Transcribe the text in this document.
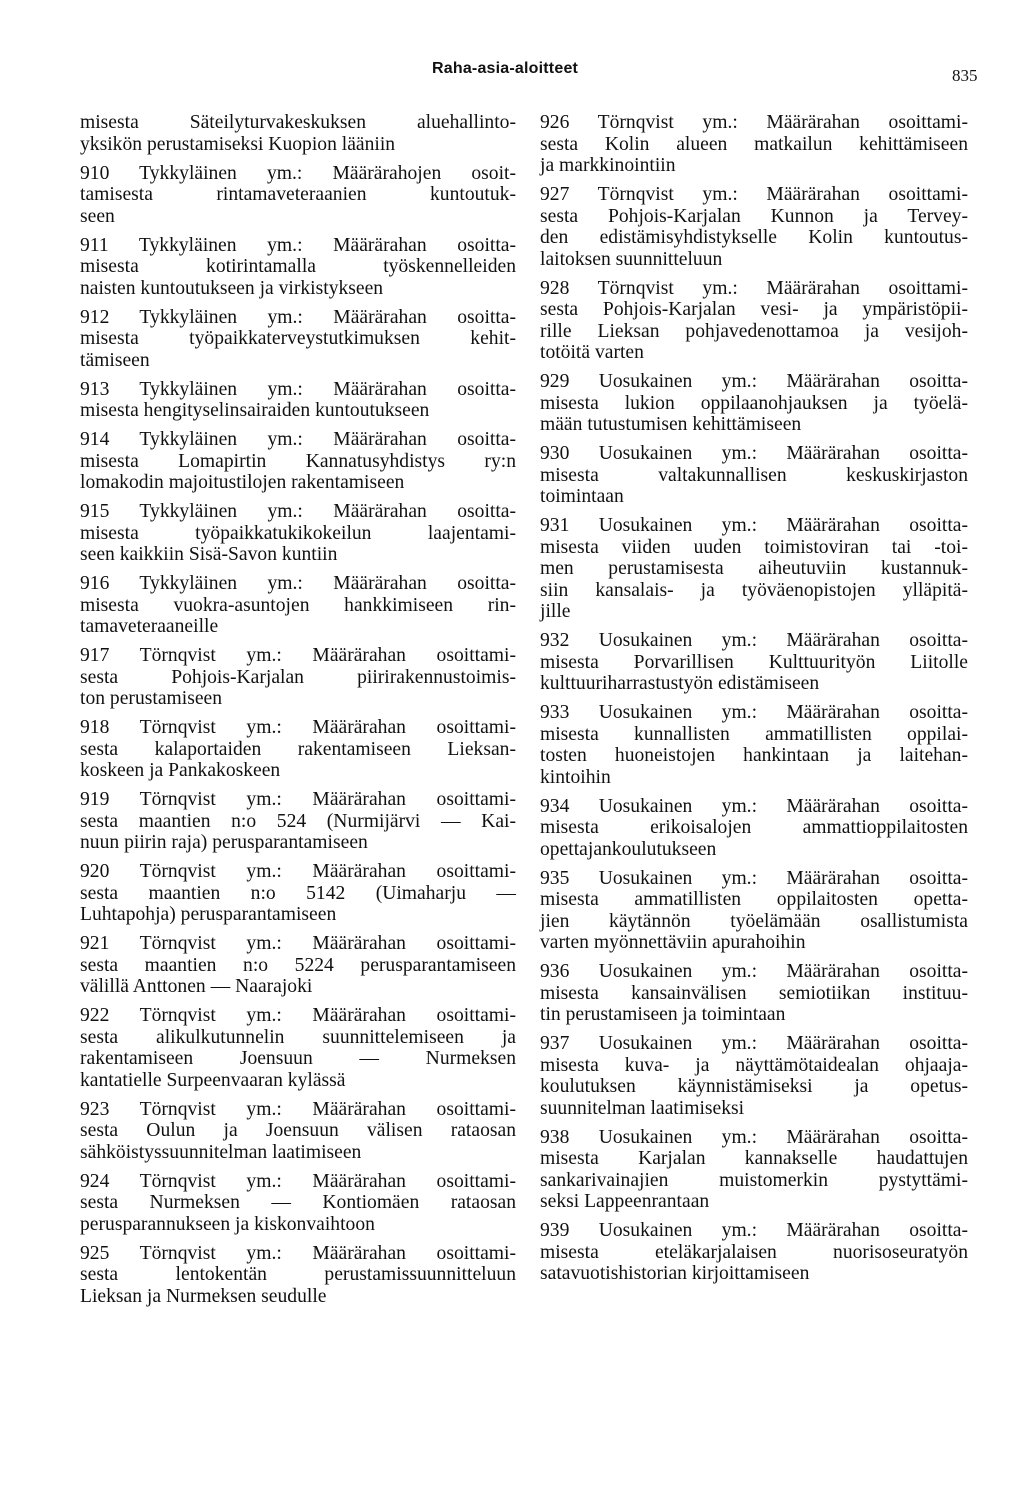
Raha-asia-aloitteet	835
misesta Säteilyturvakeskuksen aluehallinto-
yksikön perustamiseksi Kuopion lääniin
910 Tykkyläinen ym.: Määrärahojen osoit-
tamisesta rintamaveteraanien kuntoutuk-
seen
911 Tykkyläinen ym.: Määrärahan osoitta-
misesta kotirintamalla työskennelleiden
naisten kuntoutukseen ja virkistykseen
912 Tykkyläinen ym.: Määrärahan osoitta-
misesta työpaikkaterveystutkimuksen kehit-
tämiseen
913 Tykkyläinen ym.: Määrärahan osoitta-
misesta hengityselinsairaiden kuntoutukseen
914 Tykkyläinen ym.: Määrärahan osoitta-
misesta Lomapirtin Kannatusyhdistys ry:n
lomakodin majoitustilojen rakentamiseen
915 Tykkyläinen ym.: Määrärahan osoitta-
misesta työpaikkatukikokeilun laajentami-
seen kaikkiin Sisä-Savon kuntiin
916 Tykkyläinen ym.: Määrärahan osoitta-
misesta vuokra-asuntojen hankkimiseen rin-
tamaveteraaneille
917 Törnqvist ym.: Määrärahan osoittami-
sesta Pohjois-Karjalan piirirakennustoimis-
ton perustamiseen
918 Törnqvist ym.: Määrärahan osoittami-
sesta kalaportaiden rakentamiseen Lieksan-
koskeen ja Pankakoskeen
919 Törnqvist ym.: Määrärahan osoittami-
sesta maantien n:o 524 (Nurmijärvi — Kai-
nuun piirin raja) perusparantamiseen
920 Törnqvist ym.: Määrärahan osoittami-
sesta maantien n:o 5142 (Uimaharju —
Luhtapohja) perusparantamiseen
921 Törnqvist ym.: Määrärahan osoittami-
sesta maantien n:o 5224 perusparantamiseen
välillä Anttonen — Naarajoki
922 Törnqvist ym.: Määrärahan osoittami-
sesta alikulkutunnelin suunnittelemiseen ja
rakentamiseen Joensuun — Nurmeksen
kantatielle Surpeenvaaran kylässä
923 Törnqvist ym.: Määrärahan osoittami-
sesta Oulun ja Joensuun välisen rataosan
sähköistyssuunnitelman laatimiseen
924 Törnqvist ym.: Määrärahan osoittami-
sesta Nurmeksen — Kontiomäen rataosan
perusparannukseen ja kiskonvaihtoon
925 Törnqvist ym.: Määrärahan osoittami-
sesta lentokentän perustamissuunnitteluun
Lieksan ja Nurmeksen seudulle
926 Törnqvist ym.: Määrärahan osoittami-
sesta Kolin alueen matkailun kehittämiseen
ja markkinointiin
927 Törnqvist ym.: Määrärahan osoittami-
sesta Pohjois-Karjalan Kunnon ja Tervey-
den edistämisyhdistykselle Kolin kuntoutus-
laitoksen suunnitteluun
928 Törnqvist ym.: Määrärahan osoittami-
sesta Pohjois-Karjalan vesi- ja ympäristöpii-
rille Lieksan pohjavedenottamoa ja vesijoh-
totöitä varten
929 Uosukainen ym.: Määrärahan osoitta-
misesta lukion oppilaanohjauksen ja työelä-
mään tutustumisen kehittämiseen
930 Uosukainen ym.: Määrärahan osoitta-
misesta valtakunnallisen keskuskirjaston
toimintaan
931 Uosukainen ym.: Määrärahan osoitta-
misesta viiden uuden toimistoviran tai -toi-
men perustamisesta aiheutuviin kustannuk-
siin kansalais- ja työväenopistojen ylläpitä-
jille
932 Uosukainen ym.: Määrärahan osoitta-
misesta Porvarillisen Kulttuurityön Liitolle
kulttuuriharrastustyön edistämiseen
933 Uosukainen ym.: Määrärahan osoitta-
misesta kunnallisten ammatillisten oppilai-
tosten huoneistojen hankintaan ja laitehan-
kintoihin
934 Uosukainen ym.: Määrärahan osoitta-
misesta erikoisalojen ammattioppilaitosten
opettajankoulutukseen
935 Uosukainen ym.: Määrärahan osoitta-
misesta ammatillisten oppilaitosten opetta-
jien käytännön työelämään osallistumista
varten myönnettäviin apurahoihin
936 Uosukainen ym.: Määrärahan osoitta-
misesta kansainvälisen semiotiikan instituu-
tin perustamiseen ja toimintaan
937 Uosukainen ym.: Määrärahan osoitta-
misesta kuva- ja näyttämötaidealan ohjaaja-
koulutuksen käynnistämiseksi ja opetus-
suunnitelman laatimiseksi
938 Uosukainen ym.: Määrärahan osoitta-
misesta Karjalan kannakselle haudattujen
sankarivainajien muistomerkin pystyttämi-
seksi Lappeenrantaan
939 Uosukainen ym.: Määrärahan osoitta-
misesta eteläkarjalaisen nuorisoseuratyön
satavuotishistorian kirjoittamiseen
